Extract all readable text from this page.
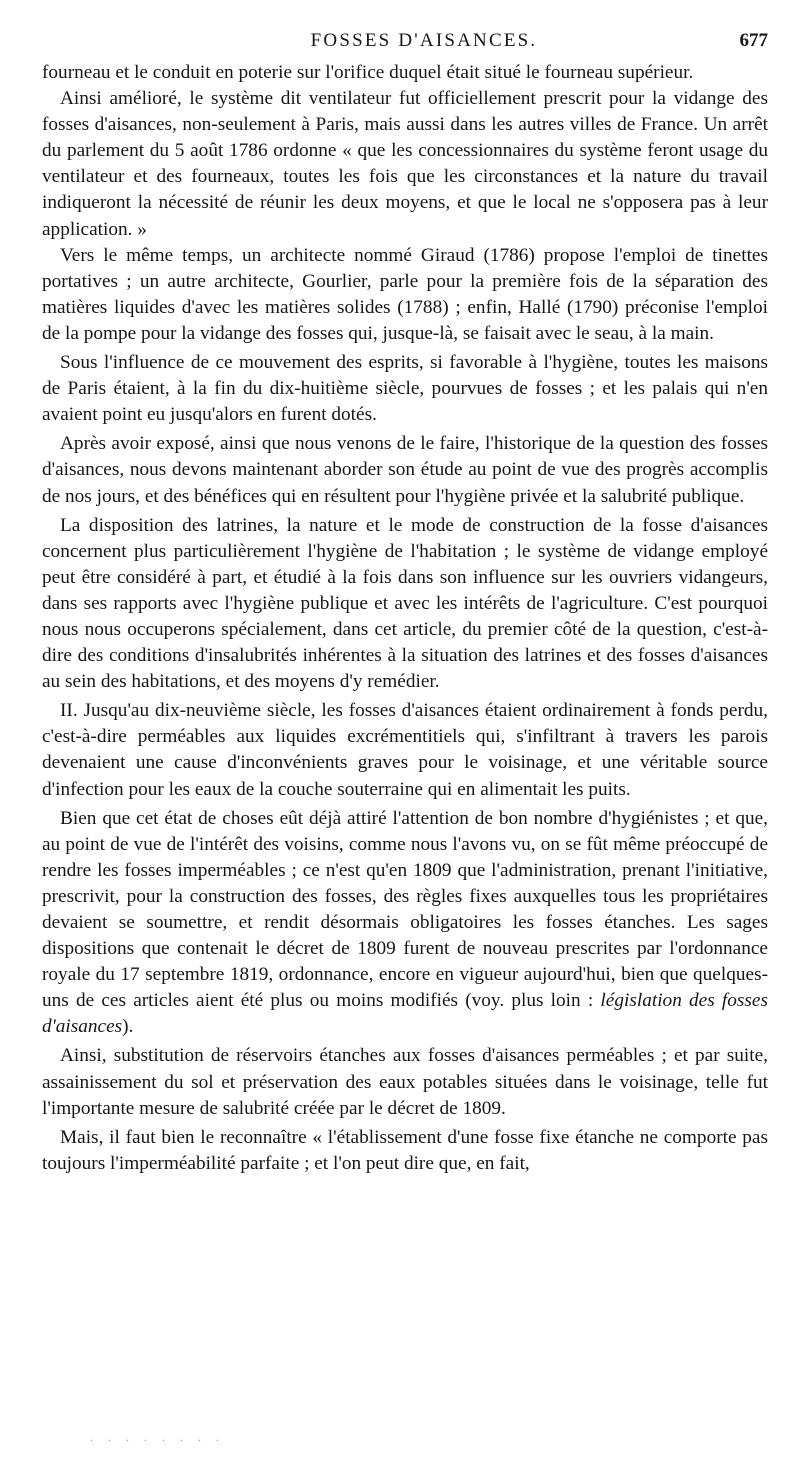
FOSSES D'AISANCES.	677

fourneau et le conduit en poterie sur l'orifice duquel était situé le fourneau supérieur.

Ainsi amélioré, le système dit ventilateur fut officiellement prescrit pour la vidange des fosses d'aisances, non-seulement à Paris, mais aussi dans les autres villes de France. Un arrêt du parlement du 5 août 1786 ordonne « que les concessionnaires du système feront usage du ventilateur et des fourneaux, toutes les fois que les circonstances et la nature du travail indiqueront la nécessité de réunir les deux moyens, et que le local ne s'opposera pas à leur application. »

Vers le même temps, un architecte nommé Giraud (1786) propose l'emploi de tinettes portatives ; un autre architecte, Gourlier, parle pour la première fois de la séparation des matières liquides d'avec les matières solides (1788) ; enfin, Hallé (1790) préconise l'emploi de la pompe pour la vidange des fosses qui, jusque-là, se faisait avec le seau, à la main.

Sous l'influence de ce mouvement des esprits, si favorable à l'hygiène, toutes les maisons de Paris étaient, à la fin du dix-huitième siècle, pourvues de fosses ; et les palais qui n'en avaient point eu jusqu'alors en furent dotés.

Après avoir exposé, ainsi que nous venons de le faire, l'historique de la question des fosses d'aisances, nous devons maintenant aborder son étude au point de vue des progrès accomplis de nos jours, et des bénéfices qui en résultent pour l'hygiène privée et la salubrité publique.

La disposition des latrines, la nature et le mode de construction de la fosse d'aisances concernent plus particulièrement l'hygiène de l'habitation ; le système de vidange employé peut être considéré à part, et étudié à la fois dans son influence sur les ouvriers vidangeurs, dans ses rapports avec l'hygiène publique et avec les intérêts de l'agriculture. C'est pourquoi nous nous occuperons spécialement, dans cet article, du premier côté de la question, c'est-à-dire des conditions d'insalubrités inhérentes à la situation des latrines et des fosses d'aisances au sein des habitations, et des moyens d'y remédier.

II. Jusqu'au dix-neuvième siècle, les fosses d'aisances étaient ordinairement à fonds perdu, c'est-à-dire perméables aux liquides excrémentitiels qui, s'infiltrant à travers les parois devenaient une cause d'inconvénients graves pour le voisinage, et une véritable source d'infection pour les eaux de la couche souterraine qui en alimentait les puits.

Bien que cet état de choses eût déjà attiré l'attention de bon nombre d'hygiénistes ; et que, au point de vue de l'intérêt des voisins, comme nous l'avons vu, on se fût même préoccupé de rendre les fosses imperméables ; ce n'est qu'en 1809 que l'administration, prenant l'initiative, prescrivit, pour la construction des fosses, des règles fixes auxquelles tous les propriétaires devaient se soumettre, et rendit désormais obligatoires les fosses étanches. Les sages dispositions que contenait le décret de 1809 furent de nouveau prescrites par l'ordonnance royale du 17 septembre 1819, ordonnance, encore en vigueur aujourd'hui, bien que quelques-uns de ces articles aient été plus ou moins modifiés (voy. plus loin : législation des fosses d'aisances).

Ainsi, substitution de réservoirs étanches aux fosses d'aisances perméables ; et par suite, assainissement du sol et préservation des eaux potables situées dans le voisinage, telle fut l'importante mesure de salubrité créée par le décret de 1809.

Mais, il faut bien le reconnaître « l'établissement d'une fosse fixe étanche ne comporte pas toujours l'imperméabilité parfaite ; et l'on peut dire que, en fait,

. . . . . . . .
